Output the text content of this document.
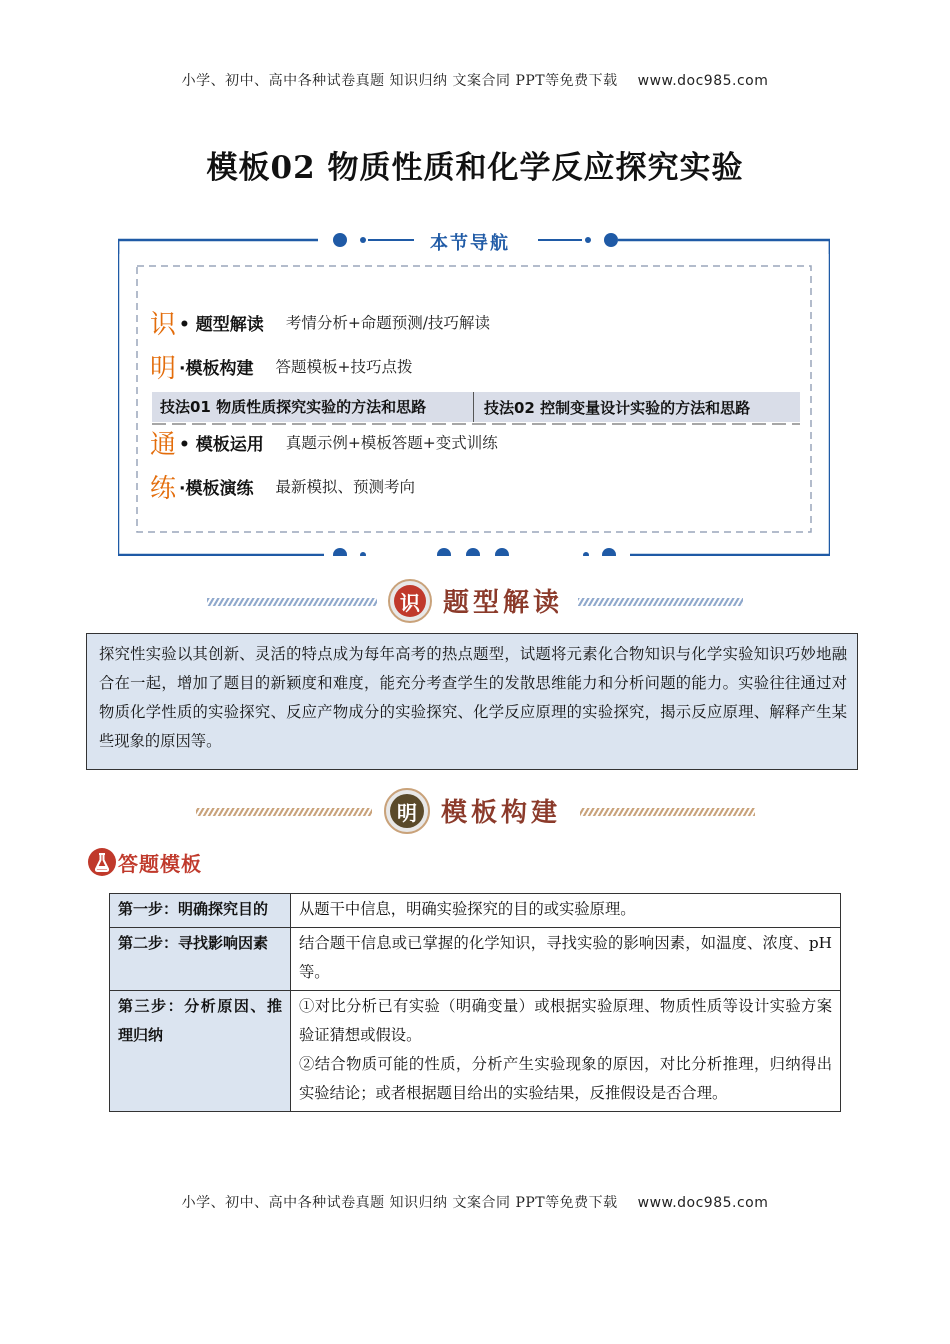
小学、初中、高中各种试卷真题 知识归纳 文案合同 PPT等免费下载 www.doc985.com
模板02 物质性质和化学反应探究实验
本节导航
识 • 题型解读 考情分析+命题预测/技巧解读
明 ·模板构建 答题模板+技巧点拨
技法01 物质性质探究实验的方法和思路	技法02 控制变量设计实验的方法和思路
通 • 模板运用 真题示例+模板答题+变式训练
练 ·模板演练 最新模拟、预测考向
识 题型解读
探究性实验以其创新、灵活的特点成为每年高考的热点题型，试题将元素化合物知识与化学实验知识巧妙地融合在一起，增加了题目的新颖度和难度，能充分考查学生的发散思维能力和分析问题的能力。实验往往通过对物质化学性质的实验探究、反应产物成分的实验探究、化学反应原理的实验探究，揭示反应原理、解释产生某些现象的原因等。
明 模板构建
答题模板
第一步：明确探究目的	从题干中信息，明确实验探究的目的或实验原理。

第二步：寻找影响因素	结合题干信息或已掌握的化学知识，寻找实验的影响因素，如温度、浓度、pH等。

第三步：分析原因、推理归纳	①对比分析已有实验（明确变量）或根据实验原理、物质性质等设计实验方案验证猜想或假设。

②结合物质可能的性质，分析产生实验现象的原因，对比分析推理，归纳得出实验结论；或者根据题目给出的实验结果，反推假设是否合理。

小学、初中、高中各种试卷真题 知识归纳 文案合同 PPT等免费下载 www.doc985.com
